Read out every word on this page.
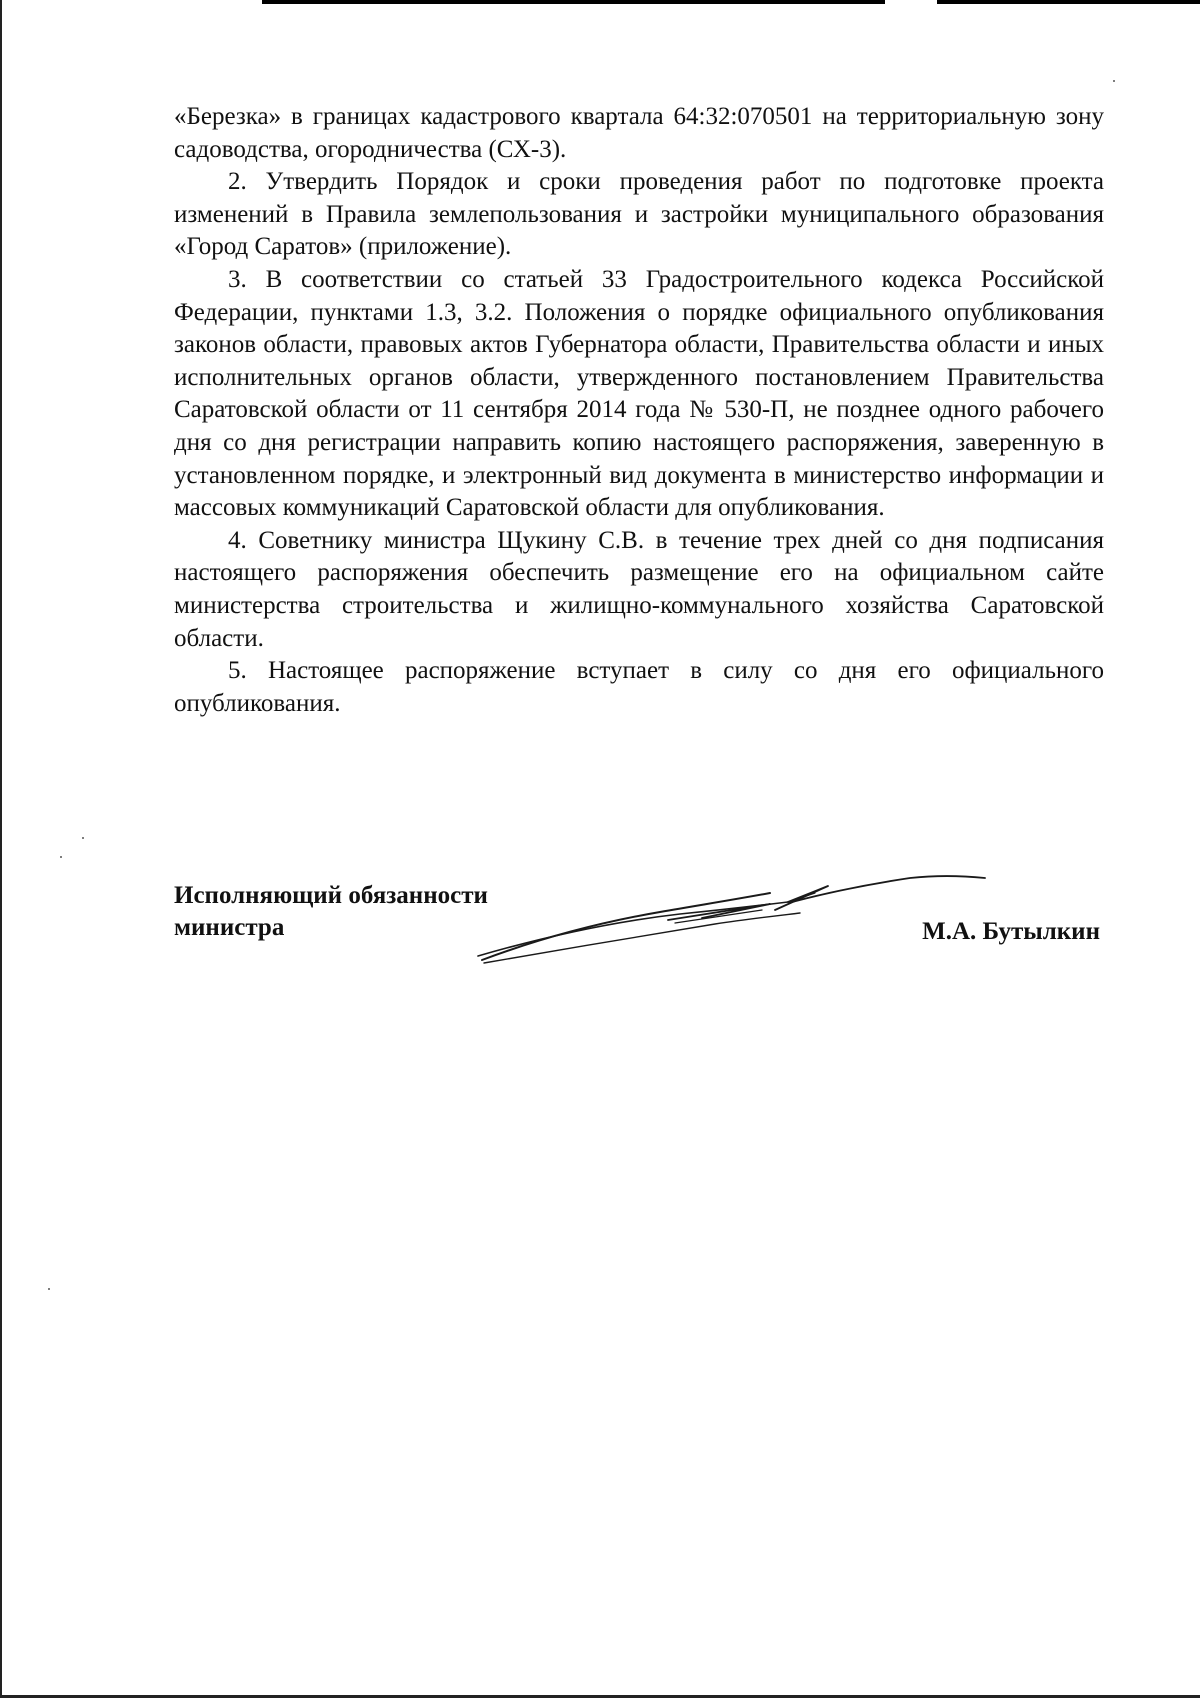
«Березка» в границах кадастрового квартала 64:32:070501 на территориальную зону садоводства, огородничества (СХ-3).

2. Утвердить Порядок и сроки проведения работ по подготовке проекта изменений в Правила землепользования и застройки муниципального образования «Город Саратов» (приложение).

3. В соответствии со статьей 33 Градостроительного кодекса Российской Федерации, пунктами 1.3, 3.2. Положения о порядке официального опубликования законов области, правовых актов Губернатора области, Правительства области и иных исполнительных органов области, утвержденного постановлением Правительства Саратовской области от 11 сентября 2014 года № 530-П, не позднее одного рабочего дня со дня регистрации направить копию настоящего распоряжения, заверенную в установленном порядке, и электронный вид документа в министерство информации и массовых коммуникаций Саратовской области для опубликования.

4. Советнику министра Щукину С.В. в течение трех дней со дня подписания настоящего распоряжения обеспечить размещение его на официальном сайте министерства строительства и жилищно-коммунального хозяйства Саратовской области.

5. Настоящее распоряжение вступает в силу со дня его официального опубликования.

Исполняющий обязанности
министра	М.А. Бутылкин
